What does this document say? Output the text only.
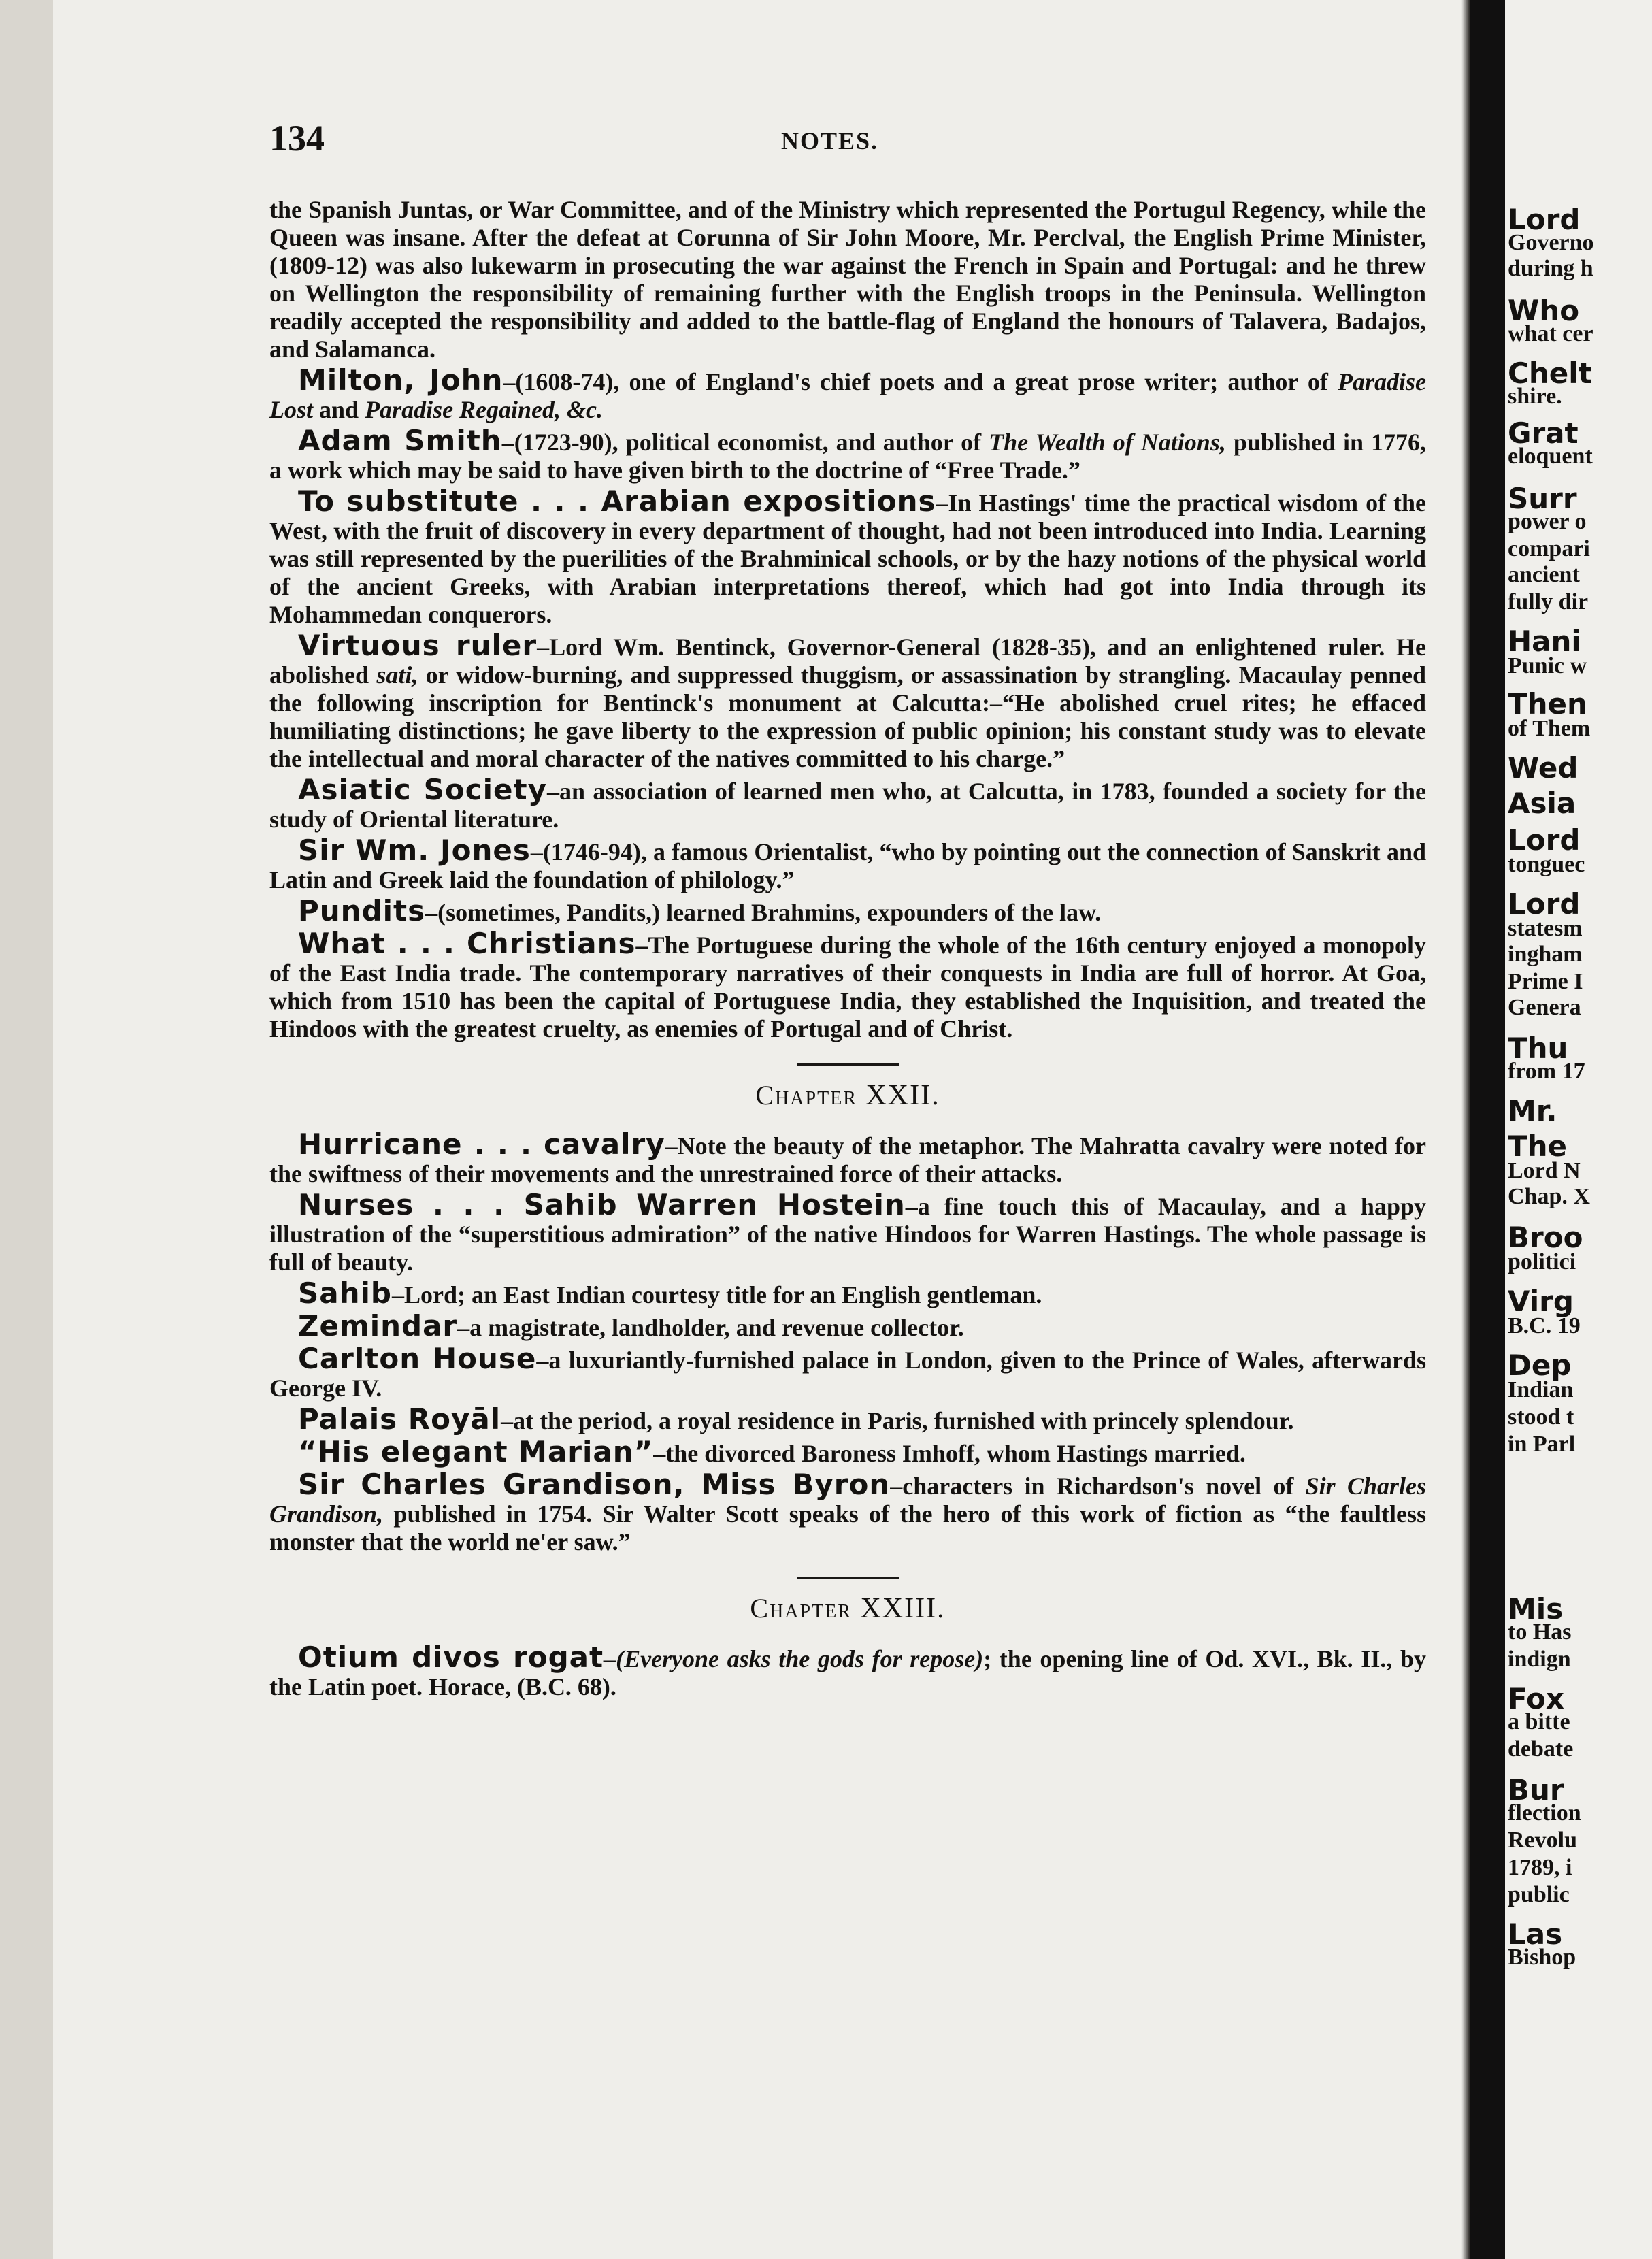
134	NOTES.

the Spanish Juntas, or War Committee, and of the Ministry which represented the Portugul Regency, while the Queen was insane. After the defeat at Corunna of Sir John Moore, Mr. Perclval, the English Prime Minister, (1809-12) was also lukewarm in prosecuting the war against the French in Spain and Portugal: and he threw on Wellington the responsibility of remaining further with the English troops in the Peninsula. Wellington readily accepted the responsibility and added to the battle-flag of England the honours of Talavera, Badajos, and Salamanca.

Milton, John–(1608-74), one of England's chief poets and a great prose writer; author of Paradise Lost and Paradise Regained, &c.

Adam Smith–(1723-90), political economist, and author of The Wealth of Nations, published in 1776, a work which may be said to have given birth to the doctrine of “Free Trade.”

To substitute . . . Arabian expositions–In Hastings' time the practical wisdom of the West, with the fruit of discovery in every department of thought, had not been introduced into India. Learning was still represented by the puerilities of the Brahminical schools, or by the hazy notions of the physical world of the ancient Greeks, with Arabian interpretations thereof, which had got into India through its Mohammedan conquerors.

Virtuous ruler–Lord Wm. Bentinck, Governor-General (1828-35), and an enlightened ruler. He abolished sati, or widow-burning, and suppressed thuggism, or assassination by strangling. Macaulay penned the following inscription for Bentinck's monument at Calcutta:–“He abolished cruel rites; he effaced humiliating distinctions; he gave liberty to the expression of public opinion; his constant study was to elevate the intellectual and moral character of the natives committed to his charge.”

Asiatic Society–an association of learned men who, at Calcutta, in 1783, founded a society for the study of Oriental literature.

Sir Wm. Jones–(1746-94), a famous Orientalist, “who by pointing out the connection of Sanskrit and Latin and Greek laid the foundation of philology.”

Pundits–(sometimes, Pandits,) learned Brahmins, expounders of the law.

What . . . Christians–The Portuguese during the whole of the 16th century enjoyed a monopoly of the East India trade. The contemporary narratives of their conquests in India are full of horror. At Goa, which from 1510 has been the capital of Portuguese India, they established the Inquisition, and treated the Hindoos with the greatest cruelty, as enemies of Portugal and of Christ.

Chapter XXII.

Hurricane . . . cavalry–Note the beauty of the metaphor. The Mahratta cavalry were noted for the swiftness of their movements and the unrestrained force of their attacks.

Nurses . . . Sahib Warren Hostein–a fine touch this of Macaulay, and a happy illustration of the “superstitious admiration” of the native Hindoos for Warren Hastings. The whole passage is full of beauty.

Sahib–Lord; an East Indian courtesy title for an English gentleman.

Zemindar–a magistrate, landholder, and revenue collector.

Carlton House–a luxuriantly-furnished palace in London, given to the Prince of Wales, afterwards George IV.

Palais Royāl–at the period, a royal residence in Paris, furnished with princely splendour.

“His elegant Marian”–the divorced Baroness Imhoff, whom Hastings married.

Sir Charles Grandison, Miss Byron–characters in Richardson's novel of Sir Charles Grandison, published in 1754. Sir Walter Scott speaks of the hero of this work of fiction as “the faultless monster that the world ne'er saw.”

Chapter XXIII.

Otium divos rogat–(Everyone asks the gods for repose); the opening line of Od. XVI., Bk. II., by the Latin poet. Horace, (B.C. 68).

Lord
Governo
during h
Who
what cer
Chelt
shire.
Grat
eloquent
Surr
power o
compari
ancient
fully dir
Hani
Punic w
Then
of Them
Wed
Asia
Lord
tonguec
Lord
statesm
ingham
Prime I
Genera
Thu
from 17
Mr.
The
Lord N
Chap. X
Broo
politici
Virg
B.C. 19
Dep
Indian
stood t
in Parl
Mis
to Has
indign
Fox
a bitte
debate
Bur
flection
Revolu
1789, i
public
Las
Bishop
